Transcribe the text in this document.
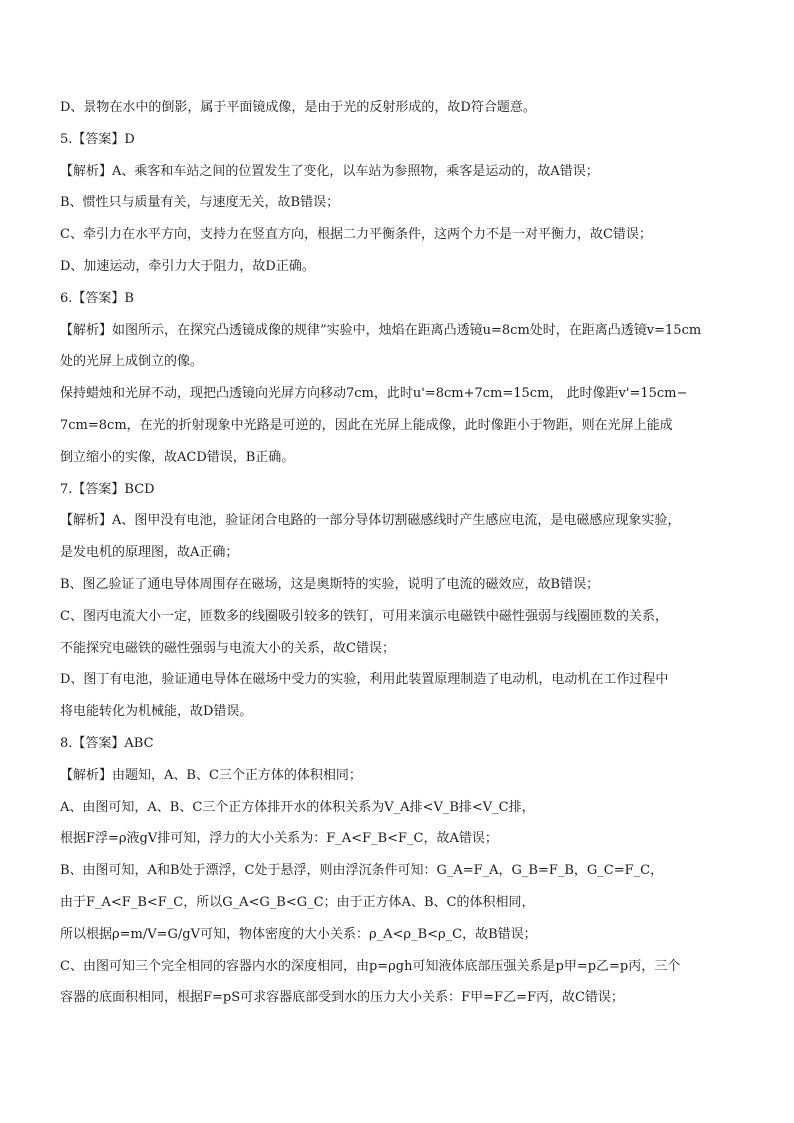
D、景物在水中的倒影，属于平面镜成像，是由于光的反射形成的，故D符合题意。
5.【答案】D
【解析】A、乘客和车站之间的位置发生了变化，以车站为参照物，乘客是运动的，故A错误；
B、惯性只与质量有关，与速度无关，故B错误；
C、牵引力在水平方向，支持力在竖直方向，根据二力平衡条件，这两个力不是一对平衡力，故C错误；
D、加速运动，牵引力大于阻力，故D正确。
6.【答案】B
【解析】如图所示，在探究凸透镜成像的规律”实验中，烛焰在距离凸透镜u=8cm处时，在距离凸透镜v=15cm
处的光屏上成倒立的像。
保持蜡烛和光屏不动，现把凸透镜向光屏方向移动7cm，此时u'=8cm+7cm=15cm， 此时像距v'=15cm−
7cm=8cm，在光的折射现象中光路是可逆的，因此在光屏上能成像，此时像距小于物距，则在光屏上能成
倒立缩小的实像，故ACD错误，B正确。
7.【答案】BCD
【解析】A、图甲没有电池，验证闭合电路的一部分导体切割磁感线时产生感应电流，是电磁感应现象实验，
是发电机的原理图，故A正确；
B、图乙验证了通电导体周围存在磁场，这是奥斯特的实验，说明了电流的磁效应，故B错误；
C、图丙电流大小一定，匝数多的线圈吸引较多的铁钉，可用来演示电磁铁中磁性强弱与线圈匝数的关系，
不能探究电磁铁的磁性强弱与电流大小的关系，故C错误；
D、图丁有电池，验证通电导体在磁场中受力的实验，利用此装置原理制造了电动机，电动机在工作过程中
将电能转化为机械能，故D错误。
8.【答案】ABC
【解析】由题知，A、B、C三个正方体的体积相同；
A、由图可知，A、B、C三个正方体排开水的体积关系为V_A排<V_B排<V_C排，
根据F浮=ρ液gV排可知，浮力的大小关系为：F_A<F_B<F_C，故A错误；
B、由图可知，A和B处于漂浮，C处于悬浮，则由浮沉条件可知：G_A=F_A，G_B=F_B，G_C=F_C，
由于F_A<F_B<F_C，所以G_A<G_B<G_C；由于正方体A、B、C的体积相同，
所以根据ρ=m/V=G/gV可知，物体密度的大小关系：ρ_A<ρ_B<ρ_C，故B错误；
C、由图可知三个完全相同的容器内水的深度相同，由p=ρgh可知液体底部压强关系是p甲=p乙=p丙，三个
容器的底面积相同，根据F=pS可求容器底部受到水的压力大小关系：F甲=F乙=F丙，故C错误；
